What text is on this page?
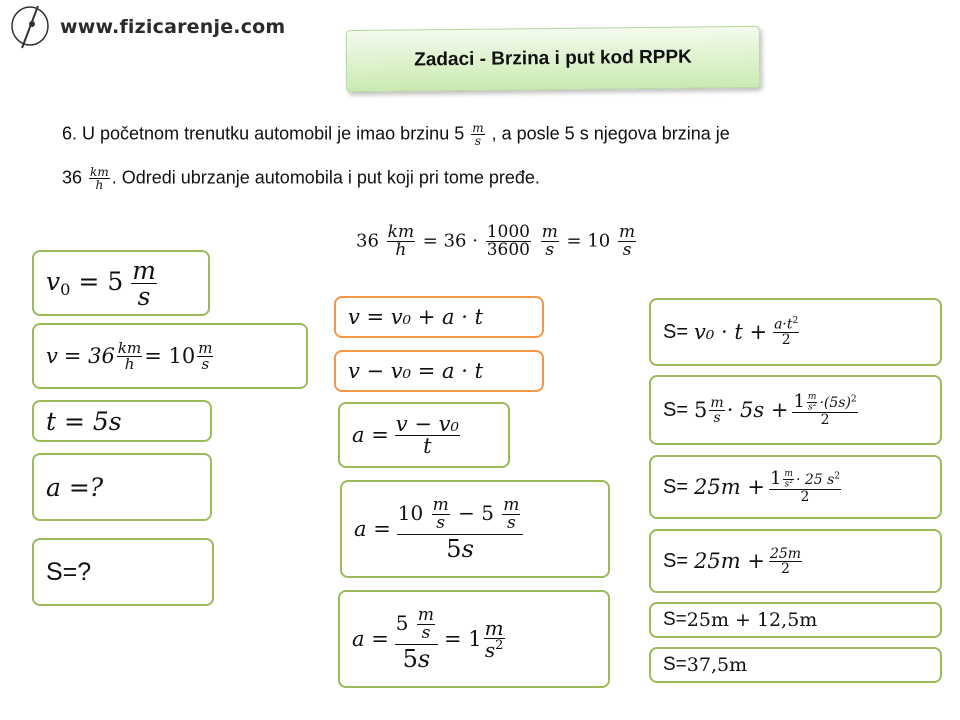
www.fizicarenje.com
Zadaci - Brzina i put kod RPPK
6. U početnom trenutku automobil je imao brzinu $5 \frac{m}{s}$ , a posle 5 s njegova brzina je
$36 \frac{km}{h}$ . Odredi ubrzanje automobila i put koji pri tome pređe.
$36 \frac{km}{h} = 36 \cdot \frac{1000}{3600}$
$\frac{m}{s} = 10 \frac{m}{s}$
$v_0 = 5 \frac{m}{s}$
$v = 36 \frac{km}{h} = 10 \frac{m}{s}$
t = 5s
a =?
S=?
v = v₀ + a · t
v − v₀ = a · t
$a = \frac{\text{v − v₀}}{t}$
$a = \frac{10 \frac{m}{s} - 5 \frac{m}{s}}{5s}$
$a = \frac{5 \frac{m}{s}}{5s} = 1 \frac{m}{s^2}$
$S= v_0 \cdot t + \frac{a\cdot t^2}{2}$
$S= 5 \frac{m}{s} \cdot 5s + \frac{1 \frac{m}{s^2} \cdot(5s)^2}{2}$
$S= 25m + \frac{1 \frac{m}{s^2} \cdot 25 s^2}{2}$
$S= 25m + \frac{25m}{2}$
S= 25m + 12,5m
S= 37,5m
